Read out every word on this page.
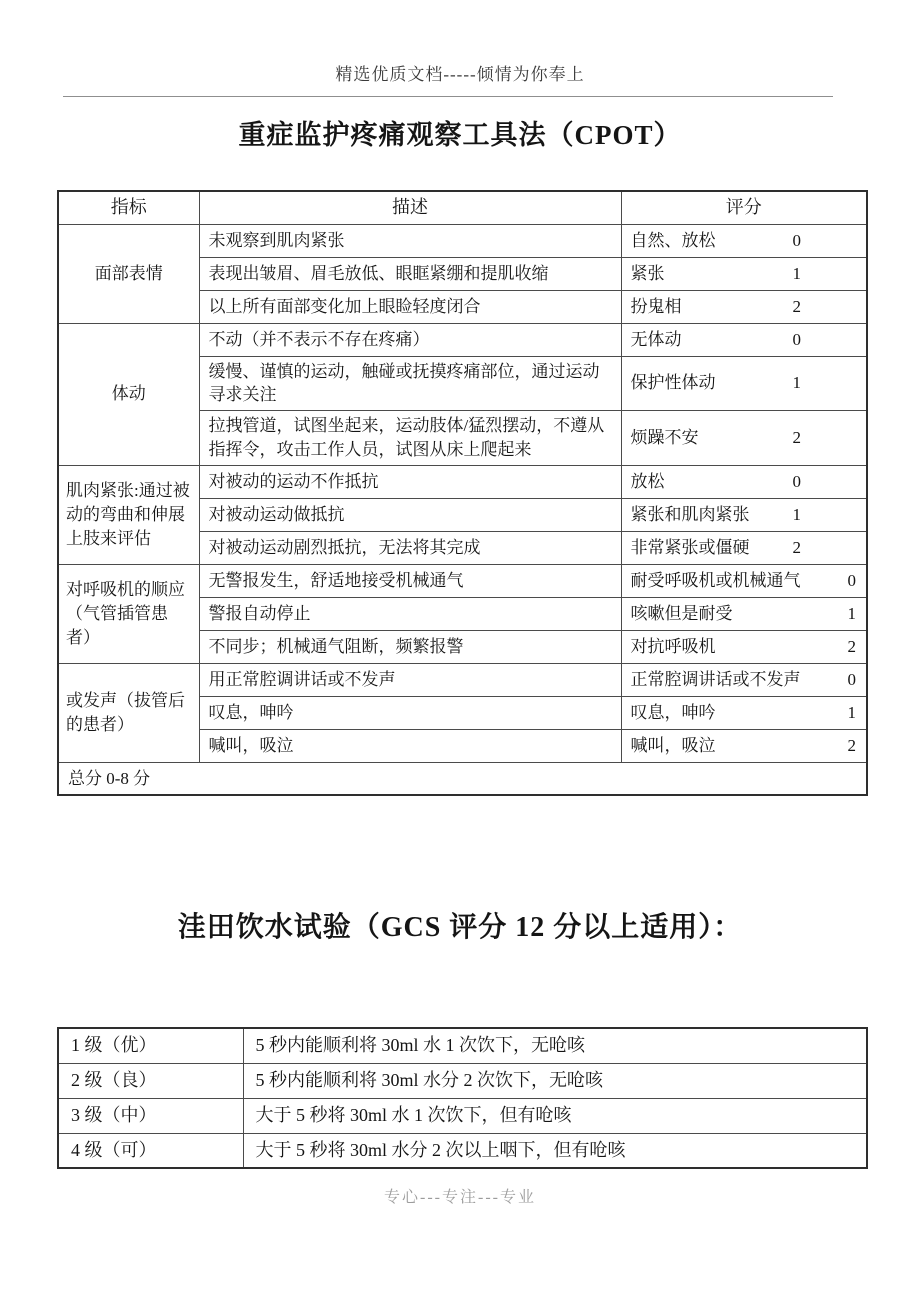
精选优质文档-----倾情为你奉上
重症监护疼痛观察工具法（CPOT）
指标	描述	评分
面部表情	未观察到肌肉紧张	自然、放松 0

	表现出皱眉、眉毛放低、眼眶紧绷和提肌收缩	紧张 1

	以上所有面部变化加上眼睑轻度闭合	扮鬼相 2

体动	不动（并不表示不存在疼痛）	无体动 0

	缓慢、谨慎的运动，触碰或抚摸疼痛部位，通过运动寻求关注	保护性体动 1

	拉拽管道，试图坐起来，运动肢体/猛烈摆动，不遵从指挥令，攻击工作人员，试图从床上爬起来	烦躁不安 2

肌肉紧张:通过被动的弯曲和伸展上肢来评估	对被动的运动不作抵抗	放松 0

	对被动运动做抵抗	紧张和肌肉紧张 1

	对被动运动剧烈抵抗，无法将其完成	非常紧张或僵硬 2

对呼吸机的顺应（气管插管患者）	无警报发生，舒适地接受机械通气	耐受呼吸机或机械通气 0

	警报自动停止	咳嗽但是耐受 1

	不同步；机械通气阻断，频繁报警	对抗呼吸机 2

或发声（拔管后的患者）	用正常腔调讲话或不发声	正常腔调讲话或不发声 0

	叹息，呻吟	叹息，呻吟 1

	喊叫，吸泣	喊叫，吸泣 2

总分 0-8 分		
洼田饮水试验（GCS 评分 12 分以上适用）：
1 级（优）	5 秒内能顺利将 30ml 水 1 次饮下，无呛咳
2 级（良）	5 秒内能顺利将 30ml 水分 2 次饮下，无呛咳
3 级（中）	大于 5 秒将 30ml 水 1 次饮下，但有呛咳
4 级（可）	大于 5 秒将 30ml 水分 2 次以上咽下，但有呛咳
专心---专注---专业
